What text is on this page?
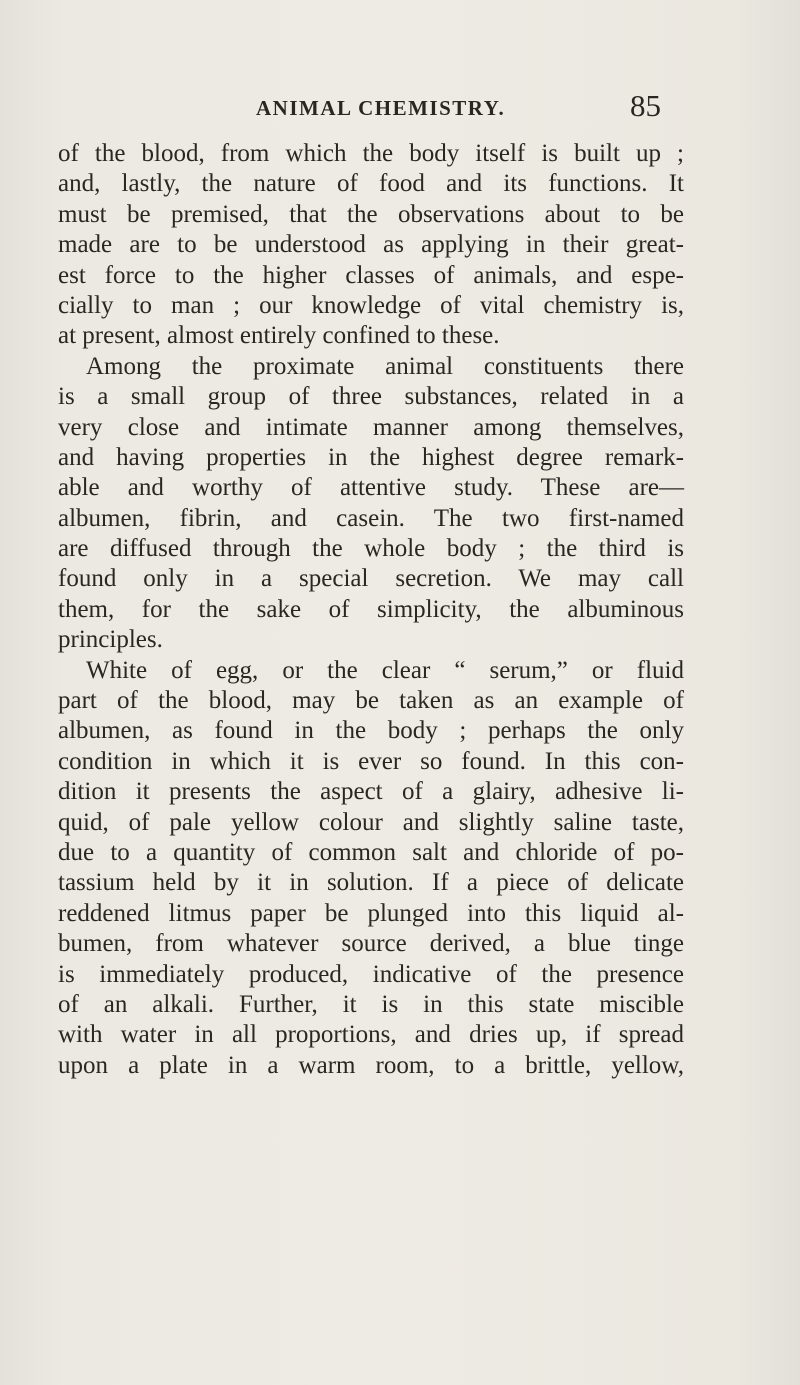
ANIMAL CHEMISTRY.	85
of the blood, from which the body itself is built up ;
and, lastly, the nature of food and its functions. It
must be premised, that the observations about to be
made are to be understood as applying in their great-
est force to the higher classes of animals, and espe-
cially to man ; our knowledge of vital chemistry is,
at present, almost entirely confined to these.
Among the proximate animal constituents there
is a small group of three substances, related in a
very close and intimate manner among themselves,
and having properties in the highest degree remark-
able and worthy of attentive study. These are—
albumen, fibrin, and casein. The two first-named
are diffused through the whole body ; the third is
found only in a special secretion. We may call
them, for the sake of simplicity, the albuminous
principles.
White of egg, or the clear “ serum,” or fluid
part of the blood, may be taken as an example of
albumen, as found in the body ; perhaps the only
condition in which it is ever so found. In this con-
dition it presents the aspect of a glairy, adhesive li-
quid, of pale yellow colour and slightly saline taste,
due to a quantity of common salt and chloride of po-
tassium held by it in solution. If a piece of delicate
reddened litmus paper be plunged into this liquid al-
bumen, from whatever source derived, a blue tinge
is immediately produced, indicative of the presence
of an alkali. Further, it is in this state miscible
with water in all proportions, and dries up, if spread
upon a plate in a warm room, to a brittle, yellow,
